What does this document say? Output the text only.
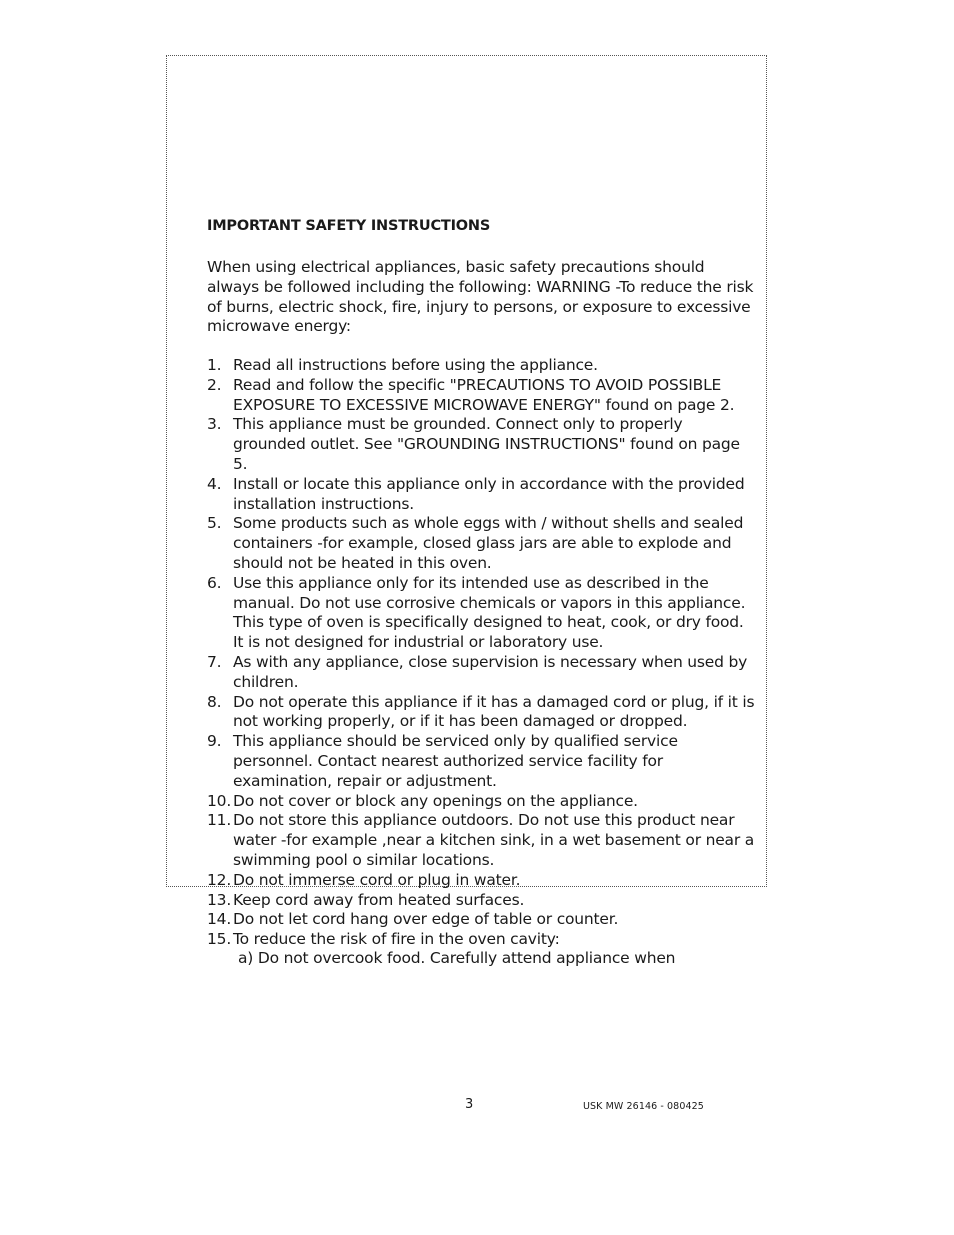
IMPORTANT SAFETY INSTRUCTIONS

When using electrical appliances, basic safety precautions should always be followed including the following: WARNING -To reduce the risk of burns, electric shock, fire, injury to persons, or exposure to excessive microwave energy:

1. Read all instructions before using the appliance.
2. Read and follow the specific "PRECAUTIONS TO AVOID POSSIBLE EXPOSURE TO EXCESSIVE MICROWAVE ENERGY" found on page 2.
3. This appliance must be grounded. Connect only to properly grounded outlet. See "GROUNDING INSTRUCTIONS" found on page 5.
4. Install or locate this appliance only in accordance with the provided installation instructions.
5. Some products such as whole eggs with / without shells and sealed containers -for example, closed glass jars are able to explode and should not be heated in this oven.
6. Use this appliance only for its intended use as described in the manual. Do not use corrosive chemicals or vapors in this appliance. This type of oven is specifically designed to heat, cook, or dry food. It is not designed for industrial or laboratory use.
7. As with any appliance, close supervision is necessary when used by children.
8. Do not operate this appliance if it has a damaged cord or plug, if it is not working properly, or if it has been damaged or dropped.
9. This appliance should be serviced only by qualified service personnel. Contact nearest authorized service facility for examination, repair or adjustment.
10. Do not cover or block any openings on the appliance.
11. Do not store this appliance outdoors. Do not use this product near water -for example ,near a kitchen sink, in a wet basement or near a swimming pool o similar locations.
12. Do not immerse cord or plug in water.
13. Keep cord away from heated surfaces.
14. Do not let cord hang over edge of table or counter.
15. To reduce the risk of fire in the oven cavity:
a) Do not overcook food. Carefully attend appliance when
3	USK MW 26146 - 080425
